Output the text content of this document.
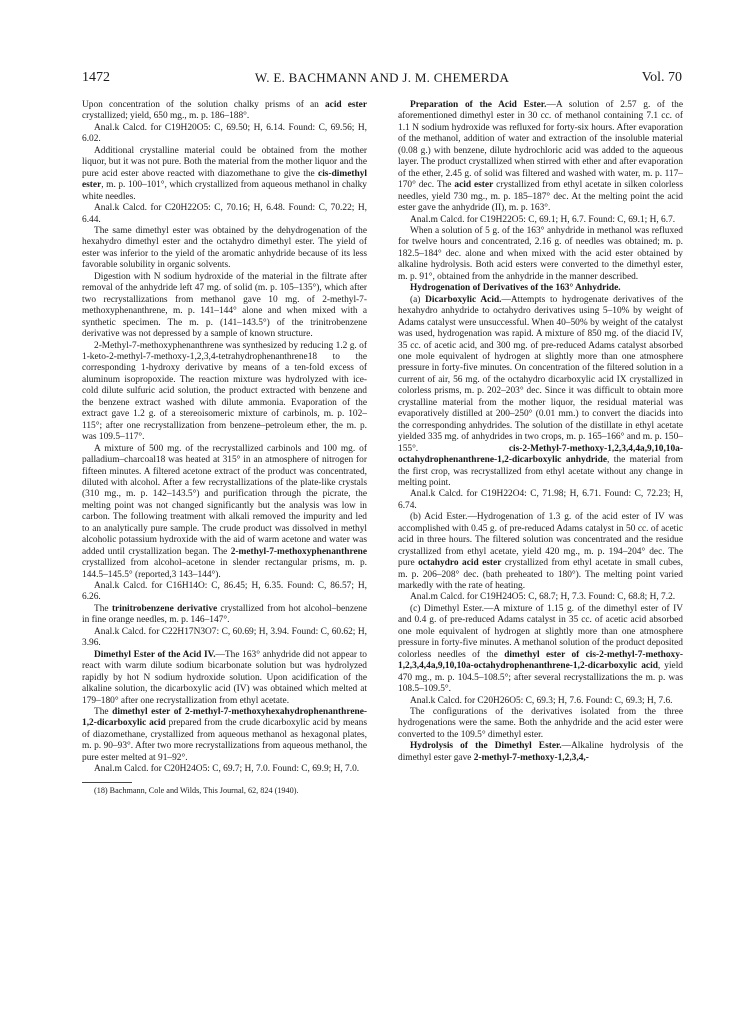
1472	W. E. BACHMANN AND J. M. CHEMERDA	Vol. 70

Upon concentration of the solution chalky prisms of an acid ester crystallized; yield, 650 mg., m. p. 186–188°.

Anal.k Calcd. for C19H20O5: C, 69.50; H, 6.14. Found: C, 69.56; H, 6.02.

Additional crystalline material could be obtained from the mother liquor, but it was not pure. Both the material from the mother liquor and the pure acid ester above reacted with diazomethane to give the cis-dimethyl ester, m. p. 100–101°, which crystallized from aqueous methanol in chalky white needles.

Anal.k Calcd. for C20H22O5: C, 70.16; H, 6.48. Found: C, 70.22; H, 6.44.

The same dimethyl ester was obtained by the dehydrogenation of the hexahydro dimethyl ester and the octahydro dimethyl ester. The yield of ester was inferior to the yield of the aromatic anhydride because of its less favorable solubility in organic solvents.

Digestion with N sodium hydroxide of the material in the filtrate after removal of the anhydride left 47 mg. of solid (m. p. 105–135°), which after two recrystallizations from methanol gave 10 mg. of 2-methyl-7-methoxyphenanthrene, m. p. 141–144° alone and when mixed with a synthetic specimen. The m. p. (141–143.5°) of the trinitrobenzene derivative was not depressed by a sample of known structure.

2-Methyl-7-methoxyphenanthrene was synthesized by reducing 1.2 g. of 1-keto-2-methyl-7-methoxy-1,2,3,4-tetrahydrophenanthrene18 to the corresponding 1-hydroxy derivative by means of a ten-fold excess of aluminum isopropoxide. The reaction mixture was hydrolyzed with ice-cold dilute sulfuric acid solution, the product extracted with benzene and the benzene extract washed with dilute ammonia. Evaporation of the extract gave 1.2 g. of a stereoisomeric mixture of carbinols, m. p. 102–115°; after one recrystallization from benzene–petroleum ether, the m. p. was 109.5–117°.

A mixture of 500 mg. of the recrystallized carbinols and 100 mg. of palladium–charcoal18 was heated at 315° in an atmosphere of nitrogen for fifteen minutes. A filtered acetone extract of the product was concentrated, diluted with alcohol. After a few recrystallizations of the plate-like crystals (310 mg., m. p. 142–143.5°) and purification through the picrate, the melting point was not changed significantly but the analysis was low in carbon. The following treatment with alkali removed the impurity and led to an analytically pure sample. The crude product was dissolved in methyl alcoholic potassium hydroxide with the aid of warm acetone and water was added until crystallization began. The 2-methyl-7-methoxyphenanthrene crystallized from alcohol–acetone in slender rectangular prisms, m. p. 144.5–145.5° (reported,3 143–144°).

Anal.k Calcd. for C16H14O: C, 86.45; H, 6.35. Found: C, 86.57; H, 6.26.

The trinitrobenzene derivative crystallized from hot alcohol–benzene in fine orange needles, m. p. 146–147°.

Anal.k Calcd. for C22H17N3O7: C, 60.69; H, 3.94. Found: C, 60.62; H, 3.96.

Dimethyl Ester of the Acid IV.—The 163° anhydride did not appear to react with warm dilute sodium bicarbonate solution but was hydrolyzed rapidly by hot N sodium hydroxide solution. Upon acidification of the alkaline solution, the dicarboxylic acid (IV) was obtained which melted at 179–180° after one recrystallization from ethyl acetate.

The dimethyl ester of 2-methyl-7-methoxyhexahydrophenanthrene-1,2-dicarboxylic acid prepared from the crude dicarboxylic acid by means of diazomethane, crystallized from aqueous methanol as hexagonal plates, m. p. 90–93°. After two more recrystallizations from aqueous methanol, the pure ester melted at 91–92°.

Anal.m Calcd. for C20H24O5: C, 69.7; H, 7.0. Found: C, 69.9; H, 7.0.

(18) Bachmann, Cole and Wilds, This Journal, 62, 824 (1940).

Preparation of the Acid Ester.—A solution of 2.57 g. of the aforementioned dimethyl ester in 30 cc. of methanol containing 7.1 cc. of 1.1 N sodium hydroxide was refluxed for forty-six hours. After evaporation of the methanol, addition of water and extraction of the insoluble material (0.08 g.) with benzene, dilute hydrochloric acid was added to the aqueous layer. The product crystallized when stirred with ether and after evaporation of the ether, 2.45 g. of solid was filtered and washed with water, m. p. 117–170° dec. The acid ester crystallized from ethyl acetate in silken colorless needles, yield 730 mg., m. p. 185–187° dec. At the melting point the acid ester gave the anhydride (II), m. p. 163°.

Anal.m Calcd. for C19H22O5: C, 69.1; H, 6.7. Found: C, 69.1; H, 6.7.

When a solution of 5 g. of the 163° anhydride in methanol was refluxed for twelve hours and concentrated, 2.16 g. of needles was obtained; m. p. 182.5–184° dec. alone and when mixed with the acid ester obtained by alkaline hydrolysis. Both acid esters were converted to the dimethyl ester, m. p. 91°, obtained from the anhydride in the manner described.

Hydrogenation of Derivatives of the 163° Anhydride.

(a) Dicarboxylic Acid.—Attempts to hydrogenate derivatives of the hexahydro anhydride to octahydro derivatives using 5–10% by weight of Adams catalyst were unsuccessful. When 40–50% by weight of the catalyst was used, hydrogenation was rapid. A mixture of 850 mg. of the diacid IV, 35 cc. of acetic acid, and 300 mg. of pre-reduced Adams catalyst absorbed one mole equivalent of hydrogen at slightly more than one atmosphere pressure in forty-five minutes. On concentration of the filtered solution in a current of air, 56 mg. of the octahydro dicarboxylic acid IX crystallized in colorless prisms, m. p. 202–203° dec. Since it was difficult to obtain more crystalline material from the mother liquor, the residual material was evaporatively distilled at 200–250° (0.01 mm.) to convert the diacids into the corresponding anhydrides. The solution of the distillate in ethyl acetate yielded 335 mg. of anhydrides in two crops, m. p. 165–166° and m. p. 150–155°. cis-2-Methyl-7-methoxy-1,2,3,4,4a,9,10,10a-octahydrophenanthrene-1,2-dicarboxylic anhydride, the material from the first crop, was recrystallized from ethyl acetate without any change in melting point.

Anal.k Calcd. for C19H22O4: C, 71.98; H, 6.71. Found: C, 72.23; H, 6.74.

(b) Acid Ester.—Hydrogenation of 1.3 g. of the acid ester of IV was accomplished with 0.45 g. of pre-reduced Adams catalyst in 50 cc. of acetic acid in three hours. The filtered solution was concentrated and the residue crystallized from ethyl acetate, yield 420 mg., m. p. 194–204° dec. The pure octahydro acid ester crystallized from ethyl acetate in small cubes, m. p. 206–208° dec. (bath preheated to 180°). The melting point varied markedly with the rate of heating.

Anal.m Calcd. for C19H24O5: C, 68.7; H, 7.3. Found: C, 68.8; H, 7.2.

(c) Dimethyl Ester.—A mixture of 1.15 g. of the dimethyl ester of IV and 0.4 g. of pre-reduced Adams catalyst in 35 cc. of acetic acid absorbed one mole equivalent of hydrogen at slightly more than one atmosphere pressure in forty-five minutes. A methanol solution of the product deposited colorless needles of the dimethyl ester of cis-2-methyl-7-methoxy-1,2,3,4,4a,9,10,10a-octahydrophenanthrene-1,2-dicarboxylic acid, yield 470 mg., m. p. 104.5–108.5°; after several recrystallizations the m. p. was 108.5–109.5°.

Anal.k Calcd. for C20H26O5: C, 69.3; H, 7.6. Found: C, 69.3; H, 7.6.

The configurations of the derivatives isolated from the three hydrogenations were the same. Both the anhydride and the acid ester were converted to the 109.5° dimethyl ester.

Hydrolysis of the Dimethyl Ester.—Alkaline hydrolysis of the dimethyl ester gave 2-methyl-7-methoxy-1,2,3,4,-
